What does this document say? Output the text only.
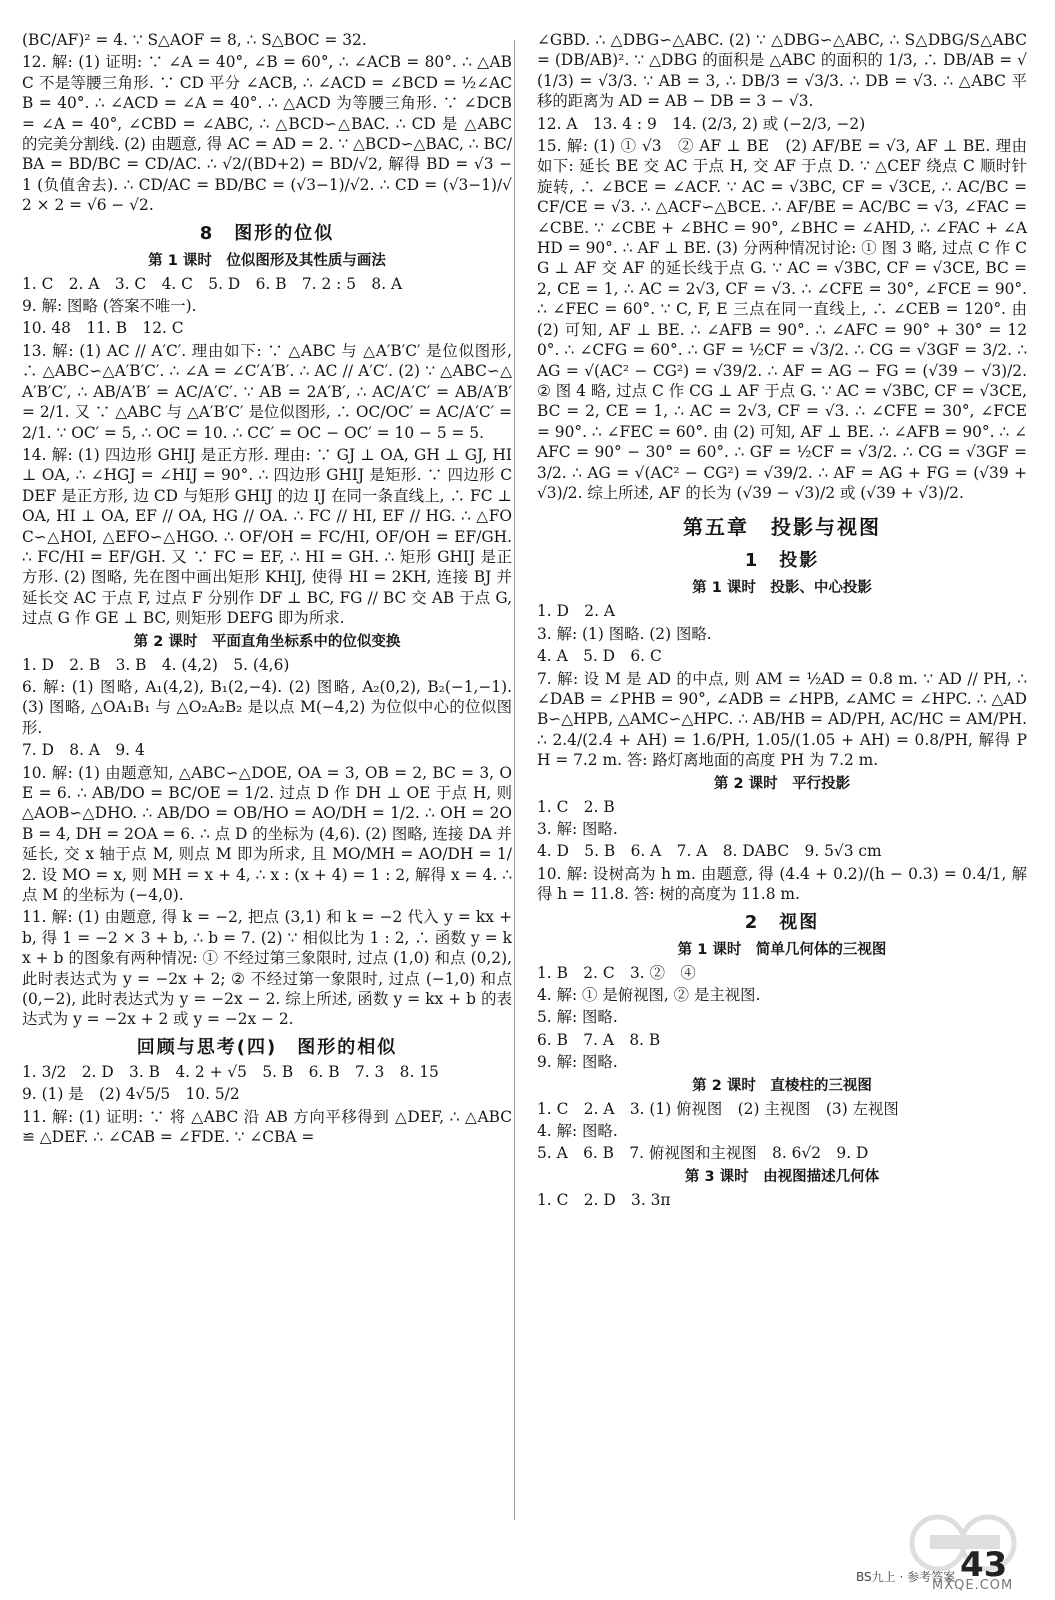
(BC/AF)² = 4. ∵ S△AOF = 8, ∴ S△BOC = 32.
12. 解: (1) 证明: ∵ ∠A = 40°, ∠B = 60°, ∴ ∠ACB = 80°. ∴ △ABC 不是等腰三角形. ∵ CD 平分 ∠ACB, ∴ ∠ACD = ∠BCD = ½∠ACB = 40°. ∴ ∠ACD = ∠A = 40°. ∴ △ACD 为等腰三角形. ∵ ∠DCB = ∠A = 40°, ∠CBD = ∠ABC, ∴ △BCD∽△BAC. ∴ CD 是 △ABC 的完美分割线. (2) 由题意, 得 AC = AD = 2. ∵ △BCD∽△BAC, ∴ BC/BA = BD/BC = CD/AC. ∴ √2/(BD+2) = BD/√2, 解得 BD = √3 − 1 (负值舍去). ∴ CD/AC = BD/BC = (√3−1)/√2. ∴ CD = (√3−1)/√2 × 2 = √6 − √2.
8　图形的位似
第 1 课时　位似图形及其性质与画法
1. C　2. A　3. C　4. C　5. D　6. B　7. 2 : 5　8. A
9. 解: 图略 (答案不唯一).
10. 48　11. B　12. C
13. 解: (1) AC // A′C′. 理由如下: ∵ △ABC 与 △A′B′C′ 是位似图形, ∴ △ABC∽△A′B′C′. ∴ ∠A = ∠C′A′B′. ∴ AC // A′C′. (2) ∵ △ABC∽△A′B′C′, ∴ AB/A′B′ = AC/A′C′. ∵ AB = 2A′B′, ∴ AC/A′C′ = AB/A′B′ = 2/1. 又 ∵ △ABC 与 △A′B′C′ 是位似图形, ∴ OC/OC′ = AC/A′C′ = 2/1. ∵ OC′ = 5, ∴ OC = 10. ∴ CC′ = OC − OC′ = 10 − 5 = 5.
14. 解: (1) 四边形 GHIJ 是正方形. 理由: ∵ GJ ⊥ OA, GH ⊥ GJ, HI ⊥ OA, ∴ ∠HGJ = ∠HIJ = 90°. ∴ 四边形 GHIJ 是矩形. ∵ 四边形 CDEF 是正方形, 边 CD 与矩形 GHIJ 的边 IJ 在同一条直线上, ∴ FC ⊥ OA, HI ⊥ OA, EF // OA, HG // OA. ∴ FC // HI, EF // HG. ∴ △FOC∽△HOI, △EFO∽△HGO. ∴ OF/OH = FC/HI, OF/OH = EF/GH. ∴ FC/HI = EF/GH. 又 ∵ FC = EF, ∴ HI = GH. ∴ 矩形 GHIJ 是正方形. (2) 图略, 先在图中画出矩形 KHIJ, 使得 HI = 2KH, 连接 BJ 并延长交 AC 于点 F, 过点 F 分别作 DF ⊥ BC, FG // BC 交 AB 于点 G, 过点 G 作 GE ⊥ BC, 则矩形 DEFG 即为所求.
第 2 课时　平面直角坐标系中的位似变换
1. D　2. B　3. B　4. (4,2)　5. (4,6)
6. 解: (1) 图略, A₁(4,2), B₁(2,−4). (2) 图略, A₂(0,2), B₂(−1,−1). (3) 图略, △OA₁B₁ 与 △O₂A₂B₂ 是以点 M(−4,2) 为位似中心的位似图形.
7. D　8. A　9. 4
10. 解: (1) 由题意知, △ABC∽△DOE, OA = 3, OB = 2, BC = 3, OE = 6. ∴ AB/DO = BC/OE = 1/2. 过点 D 作 DH ⊥ OE 于点 H, 则 △AOB∽△DHO. ∴ AB/DO = OB/HO = AO/DH = 1/2. ∴ OH = 2OB = 4, DH = 2OA = 6. ∴ 点 D 的坐标为 (4,6). (2) 图略, 连接 DA 并延长, 交 x 轴于点 M, 则点 M 即为所求, 且 MO/MH = AO/DH = 1/2. 设 MO = x, 则 MH = x + 4, ∴ x : (x + 4) = 1 : 2, 解得 x = 4. ∴ 点 M 的坐标为 (−4,0).
11. 解: (1) 由题意, 得 k = −2, 把点 (3,1) 和 k = −2 代入 y = kx + b, 得 1 = −2 × 3 + b, ∴ b = 7. (2) ∵ 相似比为 1 : 2, ∴ 函数 y = kx + b 的图象有两种情况: ① 不经过第三象限时, 过点 (1,0) 和点 (0,2), 此时表达式为 y = −2x + 2; ② 不经过第一象限时, 过点 (−1,0) 和点 (0,−2), 此时表达式为 y = −2x − 2. 综上所述, 函数 y = kx + b 的表达式为 y = −2x + 2 或 y = −2x − 2.
回顾与思考(四)　图形的相似
1. 3/2　2. D　3. B　4. 2 + √5　5. B　6. B　7. 3　8. 15
9. (1) 是　(2) 4√5/5　10. 5/2
11. 解: (1) 证明: ∵ 将 △ABC 沿 AB 方向平移得到 △DEF, ∴ △ABC ≌ △DEF. ∴ ∠CAB = ∠FDE. ∵ ∠CBA =
∠GBD. ∴ △DBG∽△ABC. (2) ∵ △DBG∽△ABC, ∴ S△DBG/S△ABC = (DB/AB)². ∵ △DBG 的面积是 △ABC 的面积的 1/3, ∴ DB/AB = √(1/3) = √3/3. ∵ AB = 3, ∴ DB/3 = √3/3. ∴ DB = √3. ∴ △ABC 平移的距离为 AD = AB − DB = 3 − √3.
12. A　13. 4 : 9　14. (2/3, 2) 或 (−2/3, −2)
15. 解: (1) ① √3　② AF ⊥ BE　(2) AF/BE = √3, AF ⊥ BE. 理由如下: 延长 BE 交 AC 于点 H, 交 AF 于点 D. ∵ △CEF 绕点 C 顺时针旋转, ∴ ∠BCE = ∠ACF. ∵ AC = √3BC, CF = √3CE, ∴ AC/BC = CF/CE = √3. ∴ △ACF∽△BCE. ∴ AF/BE = AC/BC = √3, ∠FAC = ∠CBE. ∵ ∠CBE + ∠BHC = 90°, ∠BHC = ∠AHD, ∴ ∠FAC + ∠AHD = 90°. ∴ AF ⊥ BE. (3) 分两种情况讨论: ① 图 3 略, 过点 C 作 CG ⊥ AF 交 AF 的延长线于点 G. ∵ AC = √3BC, CF = √3CE, BC = 2, CE = 1, ∴ AC = 2√3, CF = √3. ∴ ∠CFE = 30°, ∠FCE = 90°. ∴ ∠FEC = 60°. ∵ C, F, E 三点在同一直线上, ∴ ∠CEB = 120°. 由 (2) 可知, AF ⊥ BE. ∴ ∠AFB = 90°. ∴ ∠AFC = 90° + 30° = 120°. ∴ ∠CFG = 60°. ∴ GF = ½CF = √3/2. ∴ CG = √3GF = 3/2. ∴ AG = √(AC² − CG²) = √39/2. ∴ AF = AG − FG = (√39 − √3)/2. ② 图 4 略, 过点 C 作 CG ⊥ AF 于点 G. ∵ AC = √3BC, CF = √3CE, BC = 2, CE = 1, ∴ AC = 2√3, CF = √3. ∴ ∠CFE = 30°, ∠FCE = 90°. ∴ ∠FEC = 60°. 由 (2) 可知, AF ⊥ BE. ∴ ∠AFB = 90°. ∴ ∠AFC = 90° − 30° = 60°. ∴ GF = ½CF = √3/2. ∴ CG = √3GF = 3/2. ∴ AG = √(AC² − CG²) = √39/2. ∴ AF = AG + FG = (√39 + √3)/2. 综上所述, AF 的长为 (√39 − √3)/2 或 (√39 + √3)/2.
第五章　投影与视图
1　投影
第 1 课时　投影、中心投影
1. D　2. A
3. 解: (1) 图略. (2) 图略.
4. A　5. D　6. C
7. 解: 设 M 是 AD 的中点, 则 AM = ½AD = 0.8 m. ∵ AD // PH, ∴ ∠DAB = ∠PHB = 90°, ∠ADB = ∠HPB, ∠AMC = ∠HPC. ∴ △ADB∽△HPB, △AMC∽△HPC. ∴ AB/HB = AD/PH, AC/HC = AM/PH. ∴ 2.4/(2.4 + AH) = 1.6/PH, 1.05/(1.05 + AH) = 0.8/PH, 解得 PH = 7.2 m. 答: 路灯离地面的高度 PH 为 7.2 m.
第 2 课时　平行投影
1. C　2. B
3. 解: 图略.
4. D　5. B　6. A　7. A　8. DABC　9. 5√3 cm
10. 解: 设树高为 h m. 由题意, 得 (4.4 + 0.2)/(h − 0.3) = 0.4/1, 解得 h = 11.8. 答: 树的高度为 11.8 m.
2　视图
第 1 课时　简单几何体的三视图
1. B　2. C　3. ②　④
4. 解: ① 是俯视图, ② 是主视图.
5. 解: 图略.
6. B　7. A　8. B
9. 解: 图略.
第 2 课时　直棱柱的三视图
1. C　2. A　3. (1) 俯视图　(2) 主视图　(3) 左视图
4. 解: 图略.
5. A　6. B　7. 俯视图和主视图　8. 6√2　9. D
第 3 课时　由视图描述几何体
1. C　2. D　3. 3π
BS九上 · 参考答案 43
MXQE.COM
